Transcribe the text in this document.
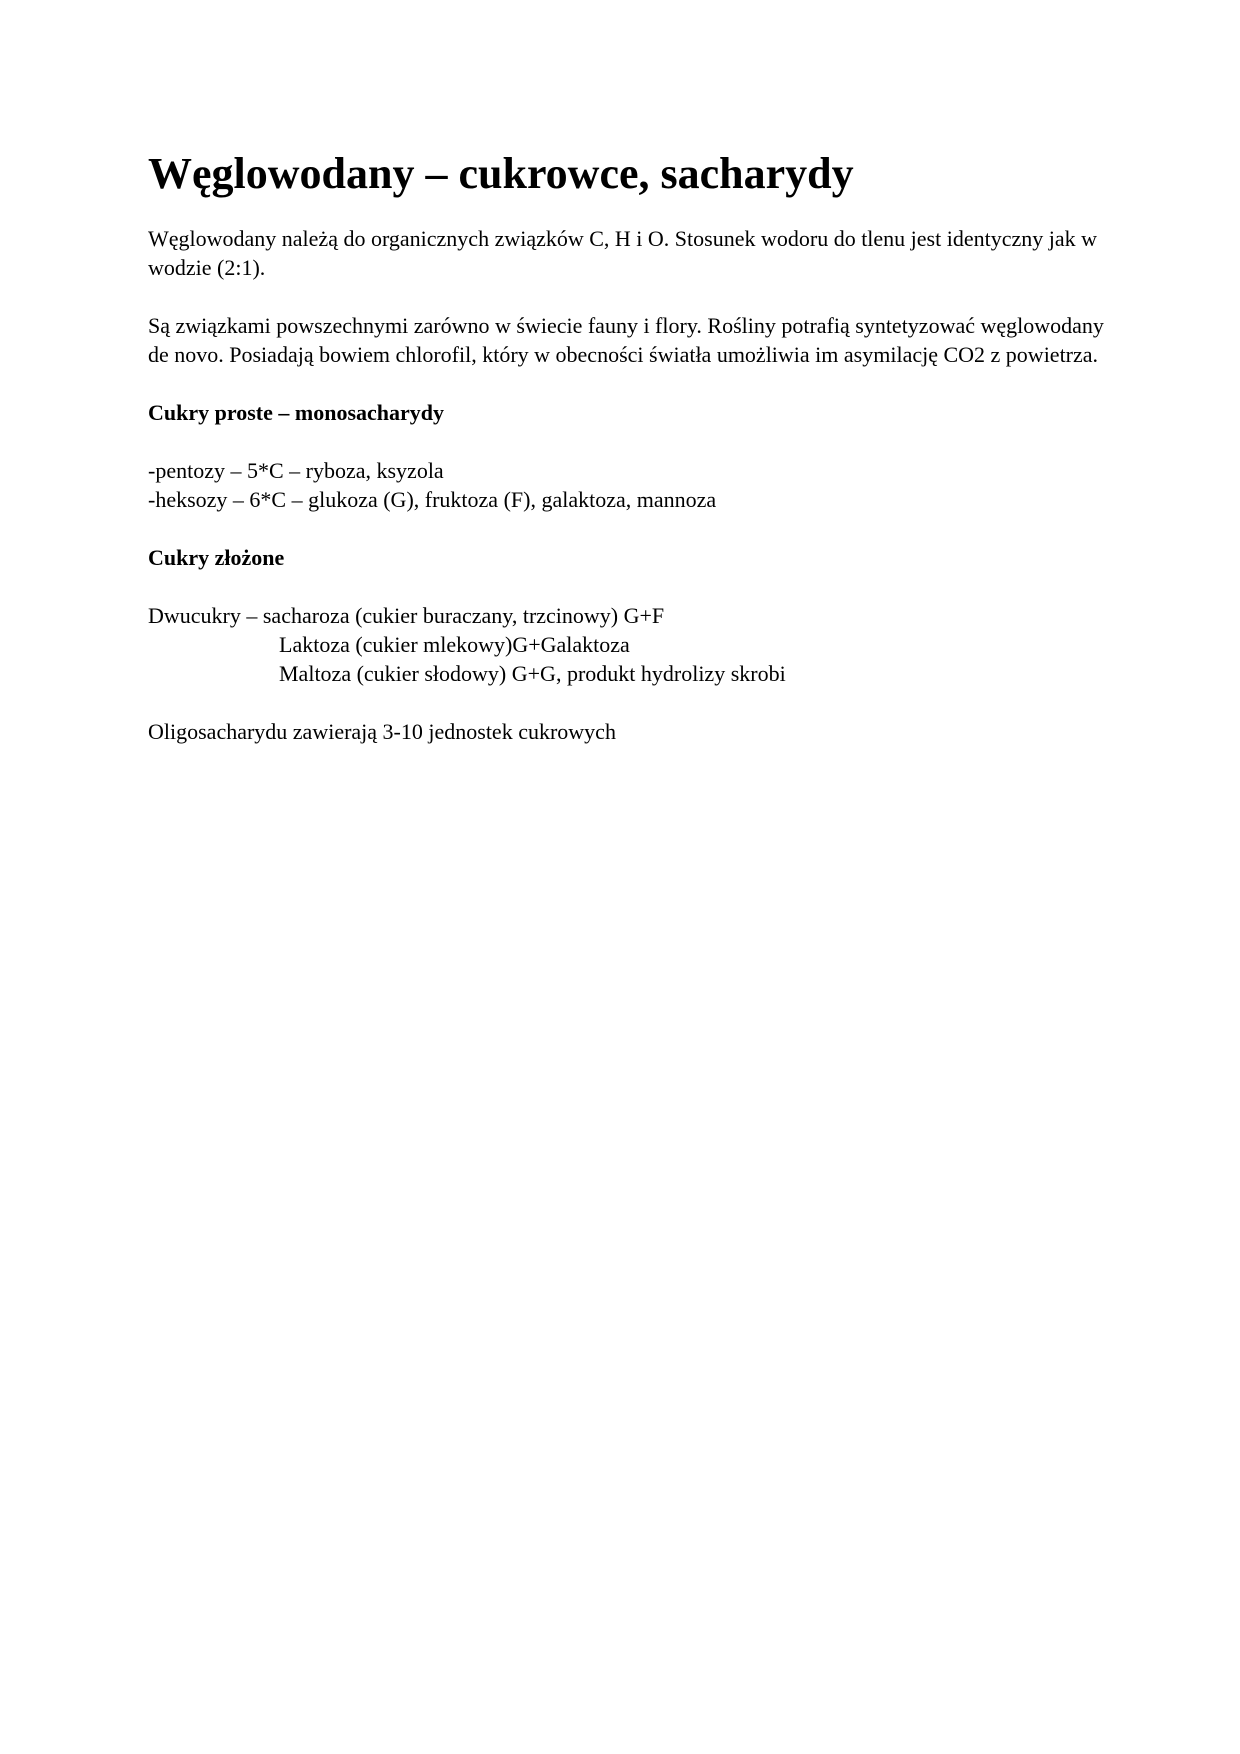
Węglowodany – cukrowce, sacharydy

Węglowodany należą do organicznych związków C, H i O. Stosunek wodoru do tlenu jest identyczny jak w wodzie (2:1).

Są związkami powszechnymi zarówno w świecie fauny i flory. Rośliny potrafią syntetyzować węglowodany de novo. Posiadają bowiem chlorofil, który w obecności światła umożliwia im asymilację CO2 z powietrza.

Cukry proste – monosacharydy
-pentozy – 5*C – ryboza, ksyzola
-heksozy – 6*C – glukoza (G), fruktoza (F), galaktoza, mannoza
Cukry złożone
Dwucukry – sacharoza (cukier buraczany, trzcinowy) G+F
Laktoza (cukier mlekowy)G+Galaktoza
Maltoza (cukier słodowy) G+G, produkt hydrolizy skrobi

Oligosacharydu zawierają 3-10 jednostek cukrowych
